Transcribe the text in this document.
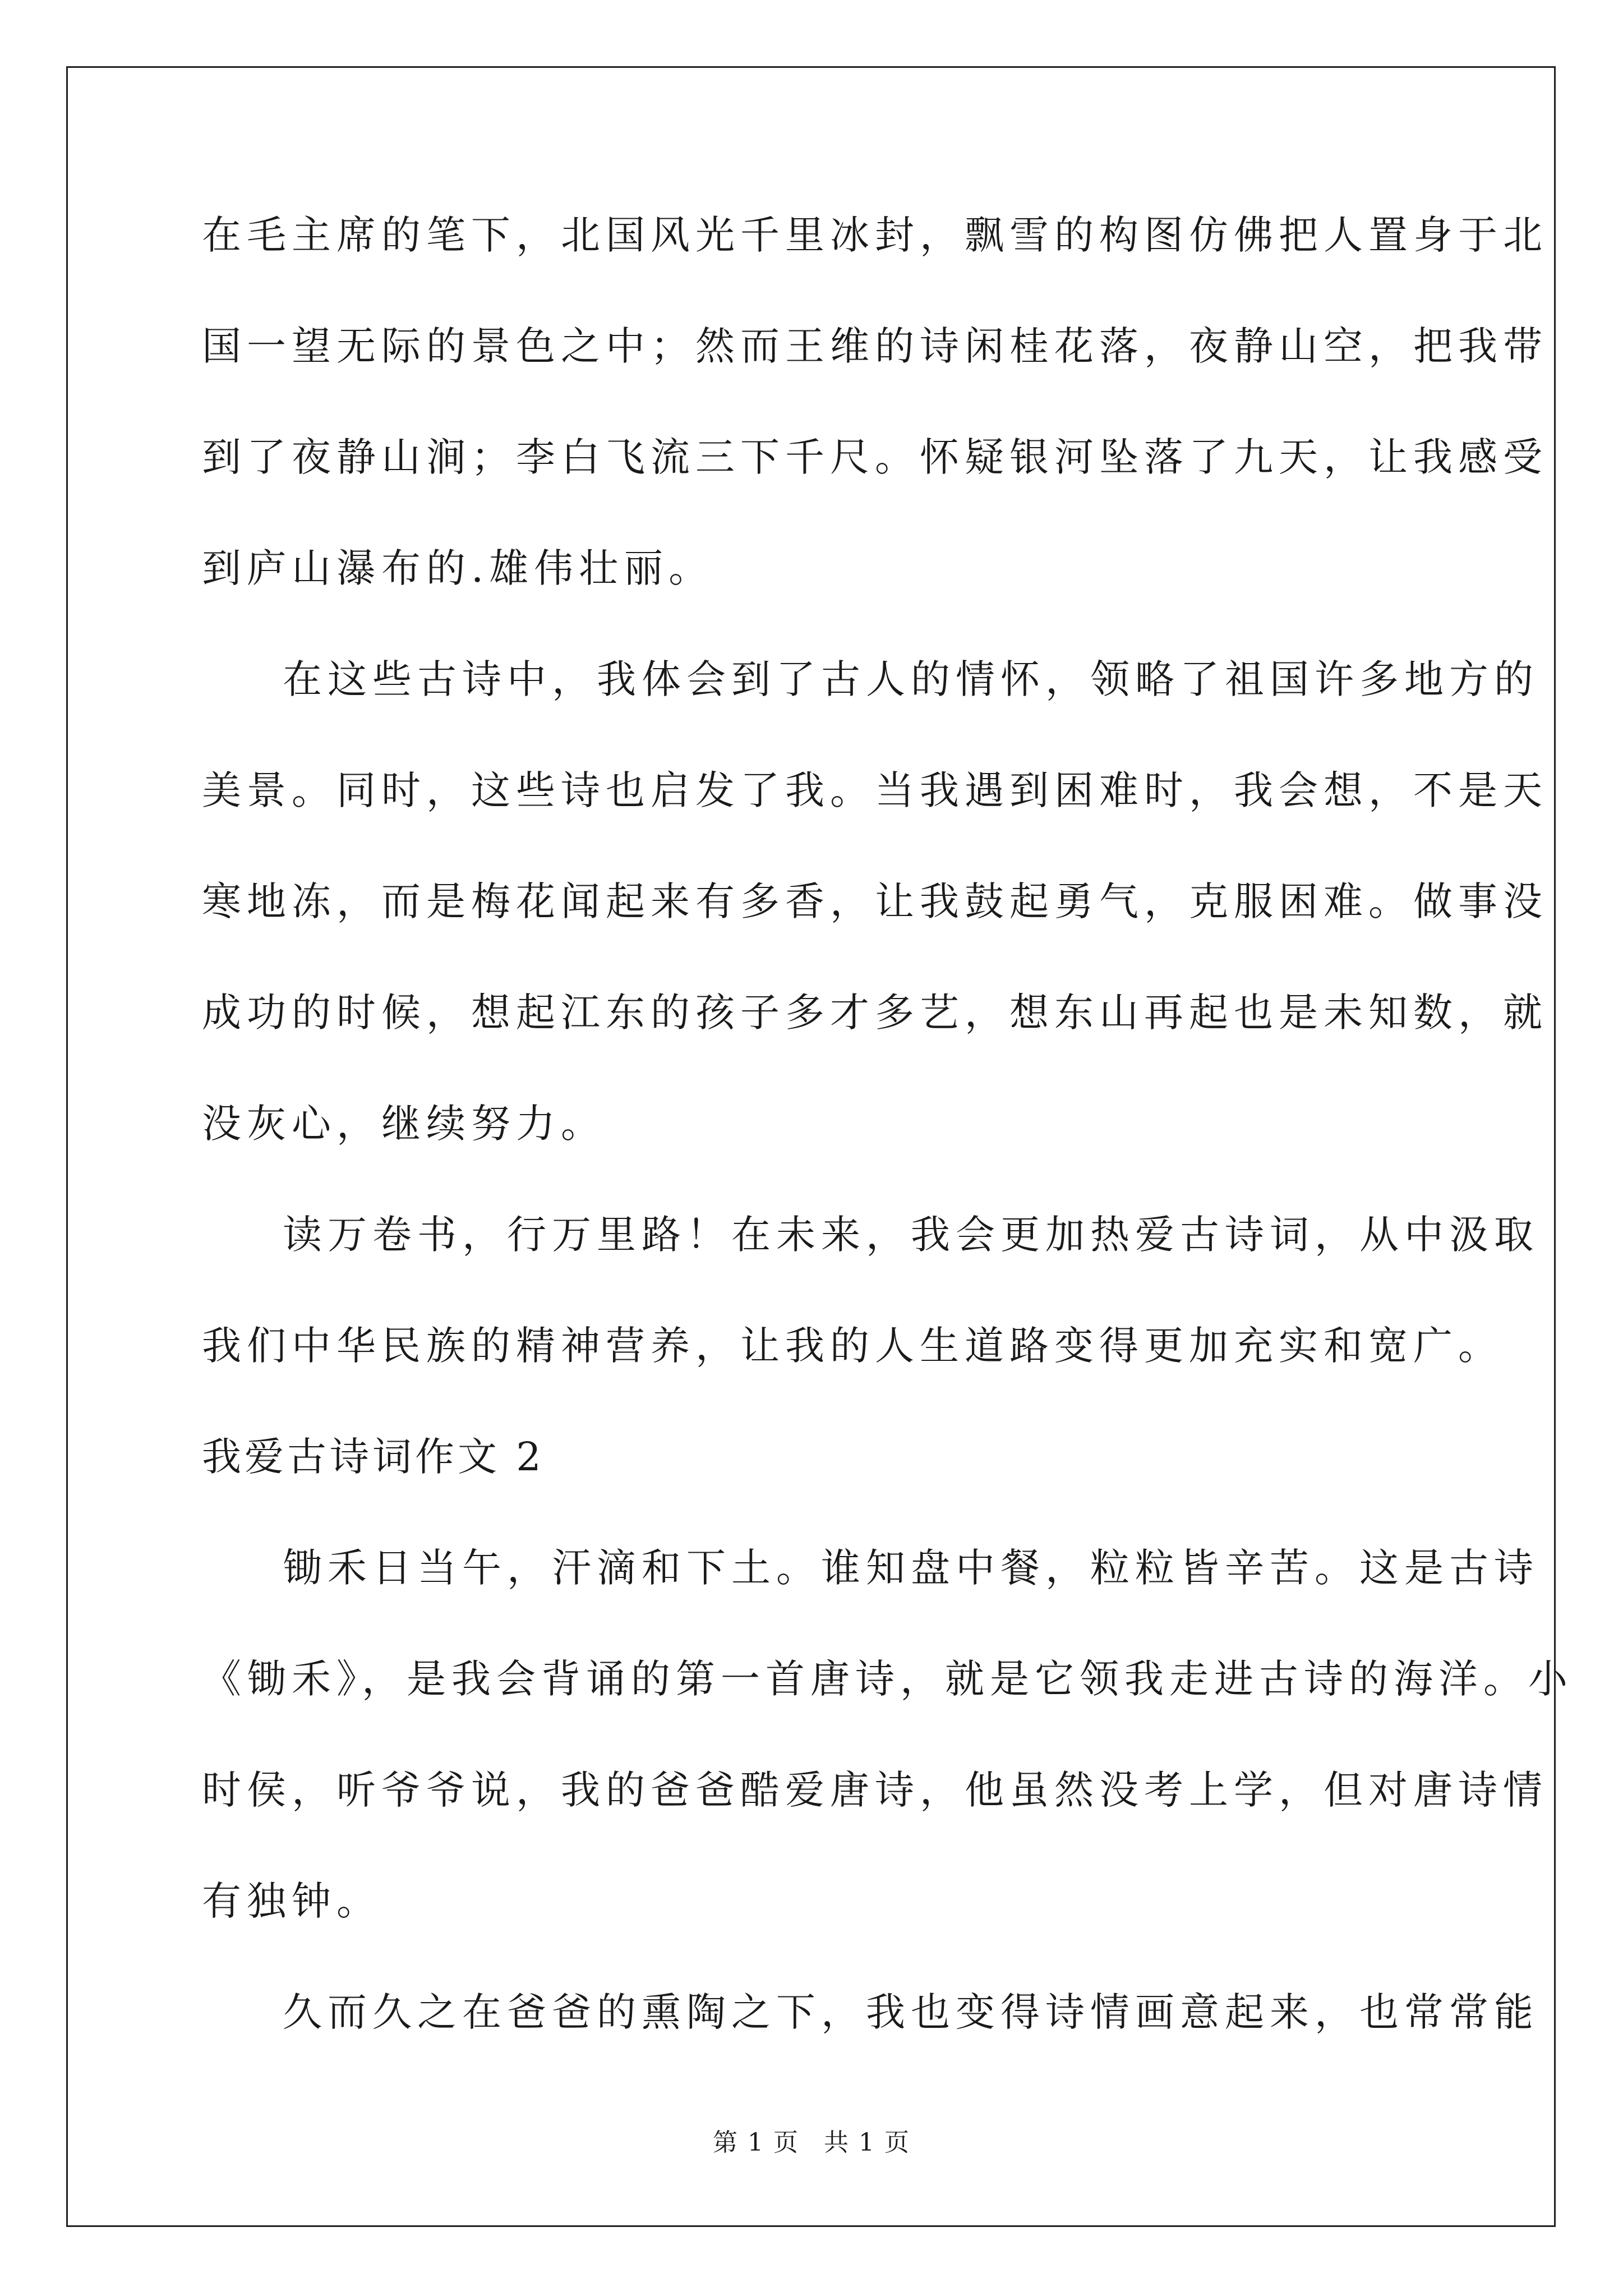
在毛主席的笔下，北国风光千里冰封，飘雪的构图仿佛把人置身于北
国一望无际的景色之中；然而王维的诗闲桂花落，夜静山空，把我带
到了夜静山涧；李白飞流三下千尺。怀疑银河坠落了九天，让我感受
到庐山瀑布的.雄伟壮丽。
在这些古诗中，我体会到了古人的情怀，领略了祖国许多地方的
美景。同时，这些诗也启发了我。当我遇到困难时，我会想，不是天
寒地冻，而是梅花闻起来有多香，让我鼓起勇气，克服困难。做事没
成功的时候，想起江东的孩子多才多艺，想东山再起也是未知数，就
没灰心，继续努力。
读万卷书，行万里路！在未来，我会更加热爱古诗词，从中汲取
我们中华民族的精神营养，让我的人生道路变得更加充实和宽广。
我爱古诗词作文 2
锄禾日当午，汗滴和下土。谁知盘中餐，粒粒皆辛苦。这是古诗
《锄禾》，是我会背诵的第一首唐诗，就是它领我走进古诗的海洋。小
时侯，听爷爷说，我的爸爸酷爱唐诗，他虽然没考上学，但对唐诗情
有独钟。
久而久之在爸爸的熏陶之下，我也变得诗情画意起来，也常常能
第 1 页 共 1 页
